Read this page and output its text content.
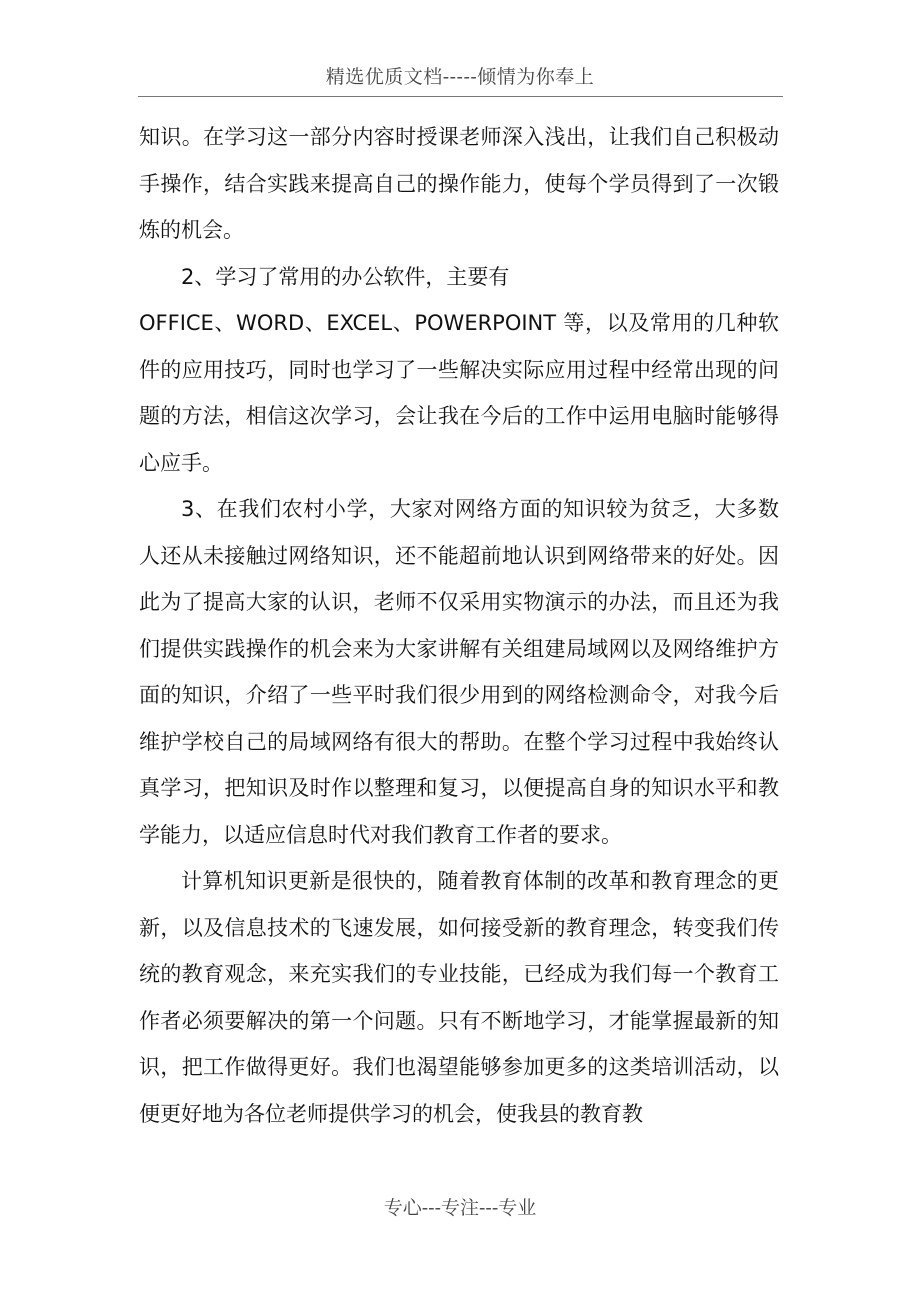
精选优质文档-----倾情为你奉上

知识。在学习这一部分内容时授课老师深入浅出，让我们自己积极动手操作，结合实践来提高自己的操作能力，使每个学员得到了一次锻炼的机会。

2、学习了常用的办公软件，主要有

OFFICE、WORD、EXCEL、POWERPOINT 等，以及常用的几种软件的应用技巧，同时也学习了一些解决实际应用过程中经常出现的问题的方法，相信这次学习，会让我在今后的工作中运用电脑时能够得心应手。

3、在我们农村小学，大家对网络方面的知识较为贫乏，大多数人还从未接触过网络知识，还不能超前地认识到网络带来的好处。因此为了提高大家的认识，老师不仅采用实物演示的办法，而且还为我们提供实践操作的机会来为大家讲解有关组建局域网以及网络维护方面的知识，介绍了一些平时我们很少用到的网络检测命令，对我今后维护学校自己的局域网络有很大的帮助。在整个学习过程中我始终认真学习，把知识及时作以整理和复习，以便提高自身的知识水平和教学能力，以适应信息时代对我们教育工作者的要求。

计算机知识更新是很快的，随着教育体制的改革和教育理念的更新，以及信息技术的飞速发展，如何接受新的教育理念，转变我们传统的教育观念，来充实我们的专业技能，已经成为我们每一个教育工作者必须要解决的第一个问题。只有不断地学习，才能掌握最新的知识，把工作做得更好。我们也渴望能够参加更多的这类培训活动，以便更好地为各位老师提供学习的机会，使我县的教育教

专心---专注---专业
